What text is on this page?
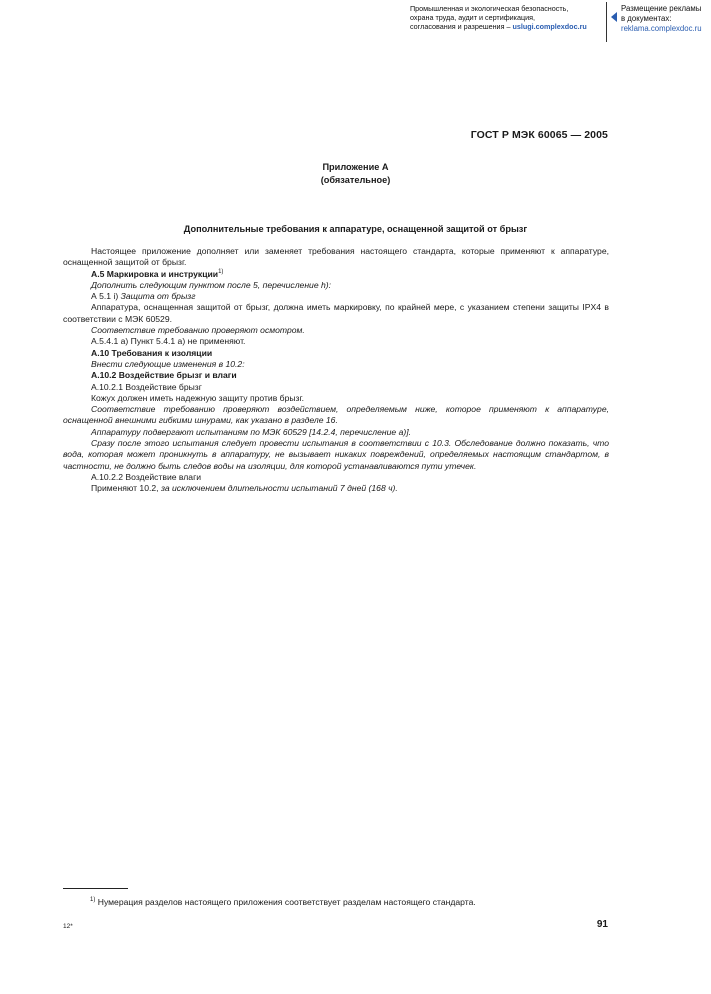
Промышленная и экологическая безопасность,
охрана труда, аудит и сертификация,
согласования и разрешения – uslugi.complexdoc.ru
Размещение рекламы
в документах:
reklama.complexdoc.ru
ГОСТ Р МЭК 60065 — 2005
Приложение А
(обязательное)
Дополнительные требования к аппаратуре, оснащенной защитой от брызг

Настоящее приложение дополняет или заменяет требования настоящего стандарта, которые применяют к аппаратуре, оснащенной защитой от брызг.

А.5 Маркировка и инструкции$^{1)}$

Дополнить следующим пунктом после 5, перечисление h):

А 5.1 i) Защита от брызг

Аппаратура, оснащенная защитой от брызг, должна иметь маркировку, по крайней мере, с указанием степени защиты IPX4 в соответствии с МЭК 60529.

Соответствие требованию проверяют осмотром.

А.5.4.1 а) Пункт 5.4.1 а) не применяют.

А.10 Требования к изоляции

Внести следующие изменения в 10.2:

А.10.2 Воздействие брызг и влаги

А.10.2.1 Воздействие брызг

Кожух должен иметь надежную защиту против брызг.

Соответствие требованию проверяют воздействием, определяемым ниже, которое применяют к аппаратуре, оснащенной внешними гибкими шнурами, как указано в разделе 16.

Аппаратуру подвергают испытаниям по МЭК 60529 [14.2.4, перечисление а)].

Сразу после этого испытания следует провести испытания в соответствии с 10.3. Обследование должно показать, что вода, которая может проникнуть в аппаратуру, не вызывает никаких повреждений, определяемых настоящим стандартом, в частности, не должно быть следов воды на изоляции, для которой устанавливаются пути утечек.

А.10.2.2 Воздействие влаги

Применяют 10.2, за исключением длительности испытаний 7 дней (168 ч).

$^{1)}$ Нумерация разделов настоящего приложения соответствует разделам настоящего стандарта.
12*	91
